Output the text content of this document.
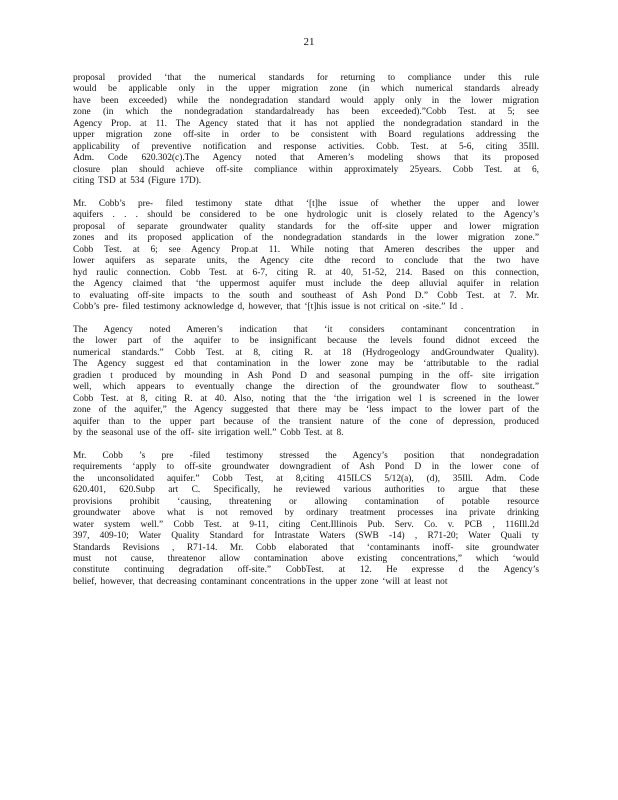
21
proposal provided ‘that the numerical standards for returning to compliance under this rule
would be applicable only in the upper migration zone (in which numerical standards already
have been exceeded) while the nondegradation standard would apply only in the lower migration
zone (in which the nondegradation standardalready has been exceeded).”Cobb Test. at 5; see
Agency Prop. at 11. The Agency stated that it has not applied the nondegradation standard in the
upper migration zone off-site in order to be consistent with Board regulations addressing the
applicability of preventive notification and response activities. Cobb. Test. at 5-6, citing 35Ill.
Adm. Code 620.302(c).The Agency noted that Ameren’s modeling shows that its proposed
closure plan should achieve off-site compliance within approximately 25years. Cobb Test. at 6,
citing TSD at 534 (Figure 17D).
Mr. Cobb’s pre- filed testimony state dthat ‘[t]he issue of whether the upper and lower
aquifers . . . should be considered to be one hydrologic unit is closely related to the Agency’s
proposal of separate groundwater quality standards for the off-site upper and lower migration
zones and its proposed application of the nondegradation standards in the lower migration zone.”
Cobb Test. at 6; see Agency Prop.at 11. While noting that Ameren describes the upper and
lower aquifers as separate units, the Agency cite dthe record to conclude that the two have
hyd raulic connection. Cobb Test. at 6-7, citing R. at 40, 51-52, 214. Based on this connection,
the Agency claimed that ‘the uppermost aquifer must include the deep alluvial aquifer in relation
to evaluating off-site impacts to the south and southeast of Ash Pond D.” Cobb Test. at 7. Mr.
Cobb’s pre- filed testimony acknowledge d, however, that ‘[t]his issue is not critical on -site.” Id .
The Agency noted Ameren’s indication that ‘it considers contaminant concentration in
the lower part of the aquifer to be insignificant because the levels found didnot exceed the
numerical standards.” Cobb Test. at 8, citing R. at 18 (Hydrogeology andGroundwater Quality).
The Agency suggest ed that contamination in the lower zone may be ‘attributable to the radial
gradien t produced by mounding in Ash Pond D and seasonal pumping in the off- site irrigation
well, which appears to eventually change the direction of the groundwater flow to southeast.”
Cobb Test. at 8, citing R. at 40. Also, noting that the ‘the irrigation wel l is screened in the lower
zone of the aquifer,” the Agency suggested that there may be ‘less impact to the lower part of the
aquifer than to the upper part because of the transient nature of the cone of depression, produced
by the seasonal use of the off- site irrigation well.” Cobb Test. at 8.
Mr. Cobb ’s pre -filed testimony stressed the Agency’s position that nondegradation
requirements ‘apply to off-site groundwater downgradient of Ash Pond D in the lower cone of
the unconsolidated aquifer.” Cobb Test, at 8,citing 415ILCS 5/12(a), (d), 35Ill. Adm. Code
620.401, 620.Subp art C. Specifically, he reviewed various authorities to argue that these
provisions prohibit ‘causing, threatening or allowing contamination of potable resource
groundwater above what is not removed by ordinary treatment processes ina private drinking
water system well.” Cobb Test. at 9-11, citing Cent.Illinois Pub. Serv. Co. v. PCB , 116Ill.2d
397, 409-10; Water Quality Standard for Intrastate Waters (SWB -14) , R71-20; Water Quali ty
Standards Revisions , R71-14. Mr. Cobb elaborated that ‘contaminants inoff- site groundwater
must not cause, threatenor allow contamination above existing concentrations,” which ‘would
constitute continuing degradation off-site.” CobbTest. at 12. He expresse d the Agency’s
belief, however, that decreasing contaminant concentrations in the upper zone ‘will at least not
